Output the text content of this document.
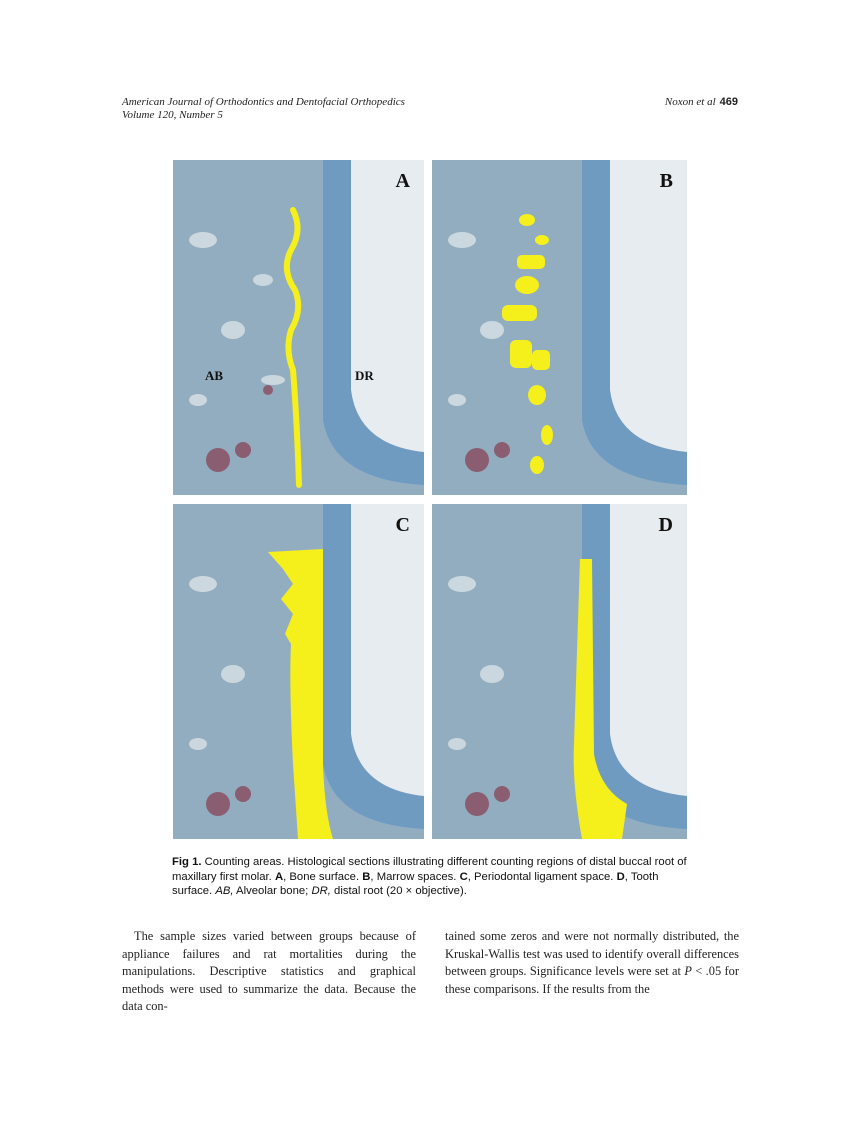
American Journal of Orthodontics and Dentofacial Orthopedics
Volume 120, Number 5
Noxon et al 469
A
AB	DR
B
C	D
Fig 1. Counting areas. Histological sections illustrating different counting regions of distal buccal root of maxillary first molar. A, Bone surface. B, Marrow spaces. C, Periodontal ligament space. D, Tooth surface. AB, Alveolar bone; DR, distal root (20 × objective).
The sample sizes varied between groups because of appliance failures and rat mortalities during the manipulations. Descriptive statistics and graphical methods were used to summarize the data. Because the data con-
tained some zeros and were not normally distributed, the Kruskal-Wallis test was used to identify overall differences between groups. Significance levels were set at P < .05 for these comparisons. If the results from the
